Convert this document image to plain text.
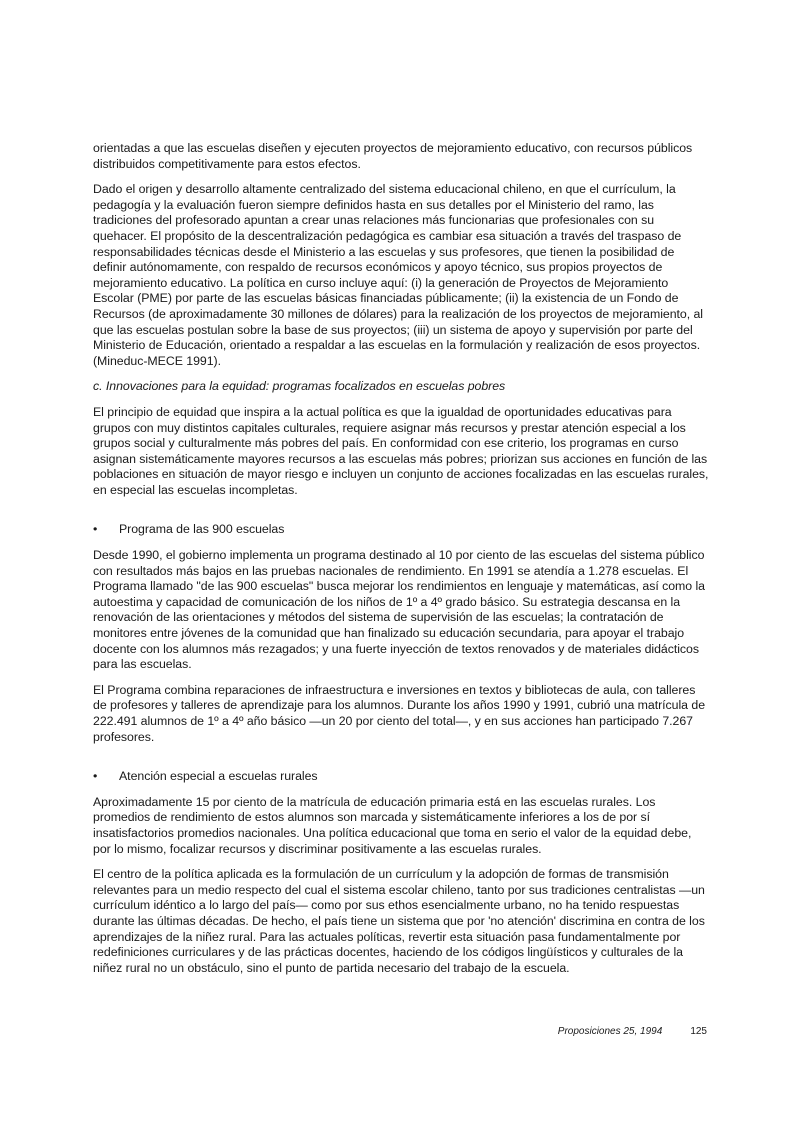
orientadas a que las escuelas diseñen y ejecuten proyectos de mejoramiento educativo, con recursos públicos distribuidos competitivamente para estos efectos.

Dado el origen y desarrollo altamente centralizado del sistema educacional chileno, en que el currículum, la pedagogía y la evaluación fueron siempre definidos hasta en sus detalles por el Ministerio del ramo, las tradiciones del profesorado apuntan a crear unas relaciones más funcionarias que profesionales con su quehacer. El propósito de la descentralización pedagógica es cambiar esa situación a través del traspaso de responsabilidades técnicas desde el Ministerio a las escuelas y sus profesores, que tienen la posibilidad de definir autónomamente, con respaldo de recursos económicos y apoyo técnico, sus propios proyectos de mejoramiento educativo. La política en curso incluye aquí: (i) la generación de Proyectos de Mejoramiento Escolar (PME) por parte de las escuelas básicas financiadas públicamente; (ii) la existencia de un Fondo de Recursos (de aproximadamente 30 millones de dólares) para la realización de los proyectos de mejoramiento, al que las escuelas postulan sobre la base de sus proyectos; (iii) un sistema de apoyo y supervisión por parte del Ministerio de Educación, orientado a respaldar a las escuelas en la formulación y realización de esos proyectos. (Mineduc-MECE 1991).

c. Innovaciones para la equidad: programas focalizados en escuelas pobres

El principio de equidad que inspira a la actual política es que la igualdad de oportunidades educativas para grupos con muy distintos capitales culturales, requiere asignar más recursos y prestar atención especial a los grupos social y culturalmente más pobres del país. En conformidad con ese criterio, los programas en curso asignan sistemáticamente mayores recursos a las escuelas más pobres; priorizan sus acciones en función de las poblaciones en situación de mayor riesgo e incluyen un conjunto de acciones focalizadas en las escuelas rurales, en especial las escuelas incompletas.

•	Programa de las 900 escuelas

Desde 1990, el gobierno implementa un programa destinado al 10 por ciento de las escuelas del sistema público con resultados más bajos en las pruebas nacionales de rendimiento. En 1991 se atendía a 1.278 escuelas. El Programa llamado "de las 900 escuelas" busca mejorar los rendimientos en lenguaje y matemáticas, así como la autoestima y capacidad de comunicación de los niños de 1º a 4º grado básico. Su estrategia descansa en la renovación de las orientaciones y métodos del sistema de supervisión de las escuelas; la contratación de monitores entre jóvenes de la comunidad que han finalizado su educación secundaria, para apoyar el trabajo docente con los alumnos más rezagados; y una fuerte inyección de textos renovados y de materiales didácticos para las escuelas.

El Programa combina reparaciones de infraestructura e inversiones en textos y bibliotecas de aula, con talleres de profesores y talleres de aprendizaje para los alumnos. Durante los años 1990 y 1991, cubrió una matrícula de 222.491 alumnos de 1º a 4º año básico —un 20 por ciento del total—, y en sus acciones han participado 7.267 profesores.

•	Atención especial a escuelas rurales

Aproximadamente 15 por ciento de la matrícula de educación primaria está en las escuelas rurales. Los promedios de rendimiento de estos alumnos son marcada y sistemáticamente inferiores a los de por sí insatisfactorios promedios nacionales. Una política educacional que toma en serio el valor de la equidad debe, por lo mismo, focalizar recursos y discriminar positivamente a las escuelas rurales.

El centro de la política aplicada es la formulación de un currículum y la adopción de formas de transmisión relevantes para un medio respecto del cual el sistema escolar chileno, tanto por sus tradiciones centralistas —un currículum idéntico a lo largo del país— como por sus ethos esencialmente urbano, no ha tenido respuestas durante las últimas décadas. De hecho, el país tiene un sistema que por 'no atención' discrimina en contra de los aprendizajes de la niñez rural. Para las actuales políticas, revertir esta situación pasa fundamentalmente por redefiniciones curriculares y de las prácticas docentes, haciendo de los códigos lingüísticos y culturales de la niñez rural no un obstáculo, sino el punto de partida necesario del trabajo de la escuela.

Proposiciones 25, 1994	125
